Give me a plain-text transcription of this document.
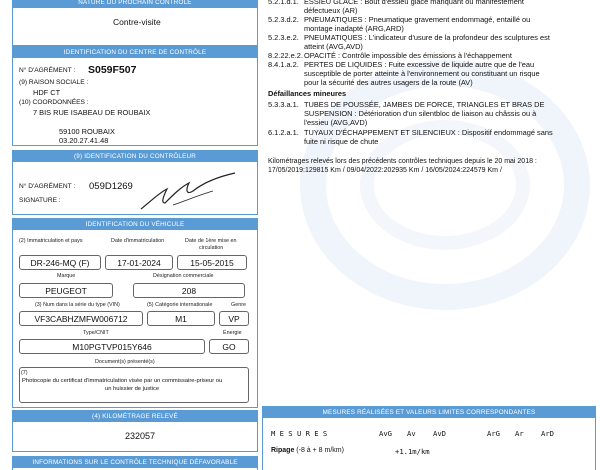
NATURE DU PROCHAIN CONTRÔLE
Contre-visite
IDENTIFICATION DU CENTRE DE CONTRÔLE
N° D'AGRÉMENT : S059F507
(9) RAISON SOCIALE :
HDF CT
(10) COORDONNÉES :
7 BIS RUE ISABEAU DE ROUBAIX
59100 ROUBAIX
03.20.27.41.48
(9) IDENTIFICATION DU CONTRÔLEUR
N° D'AGRÉMENT : 059D1269
SIGNATURE :
IDENTIFICATION DU VÉHICULE
(2) Immatriculation et pays	Date d'immatriculation	Date de 1ère mise en
circulation
DR-246-MQ (F)	17-01-2024	15-05-2015
Marque	Désignation commerciale
PEUGEOT	208
(3) Num dans la série du type (VIN)	(5) Catégorie internationale	Genre
VF3CABHZMFW006712	M1	VP
Type/CNIT	Énergie
M10PGTVP015Y646	GO
Document(s) présenté(s)
(7)
Photocopie du certificat d'immatriculation visée par un commissaire-priseur ou
un huissier de justice
(4) KILOMÉTRAGE RELEVÉ
232057
INFORMATIONS SUR LE CONTRÔLE TECHNIQUE DÉFAVORABLE
5.2.1.d.1. ESSIEU GLACE : Bout d'essieu glacé manquant ou manifestement
défectueux (AR)
5.2.3.d.2. PNEUMATIQUES : Pneumatique gravement endommagé, entaillé ou
montage inadapté (ARG,ARD)
5.2.3.e.2. PNEUMATIQUES : L'indicateur d'usure de la profondeur des sculptures est
atteint (AVG,AVD)
8.2.22.e.2.OPACITÉ : Contrôle impossible des émissions à l'échappement
8.4.1.a.2. PERTES DE LIQUIDES : Fuite excessive de liquide autre que de l'eau
susceptible de porter atteinte à l'environnement ou constituant un risque
pour la sécurité des autres usagers de la route (AV)
Défaillances mineures
5.3.3.a.1. TUBES DE POUSSÉE, JAMBES DE FORCE, TRIANGLES ET BRAS DE
SUSPENSION : Détérioration d'un silentbloc de liaison au châssis ou à
l'essieu (AVG,AVD)
6.1.2.a.1. TUYAUX D'ÉCHAPPEMENT ET SILENCIEUX : Dispositif endommagé sans
fuite ni risque de chute
Kilométrages relevés lors des précédents contrôles techniques depuis le 20 mai 2018 :
17/05/2019:129815 Km / 09/04/2022:202935 Km / 16/05/2024:224579 Km /
MESURES RÉALISÉES ET VALEURS LIMITES CORRESPONDANTES
M E S U R E S	AvG Av AvD	ArG Ar ArD
Ripage (-8 à + 8 m/km)	+1.1m/km
